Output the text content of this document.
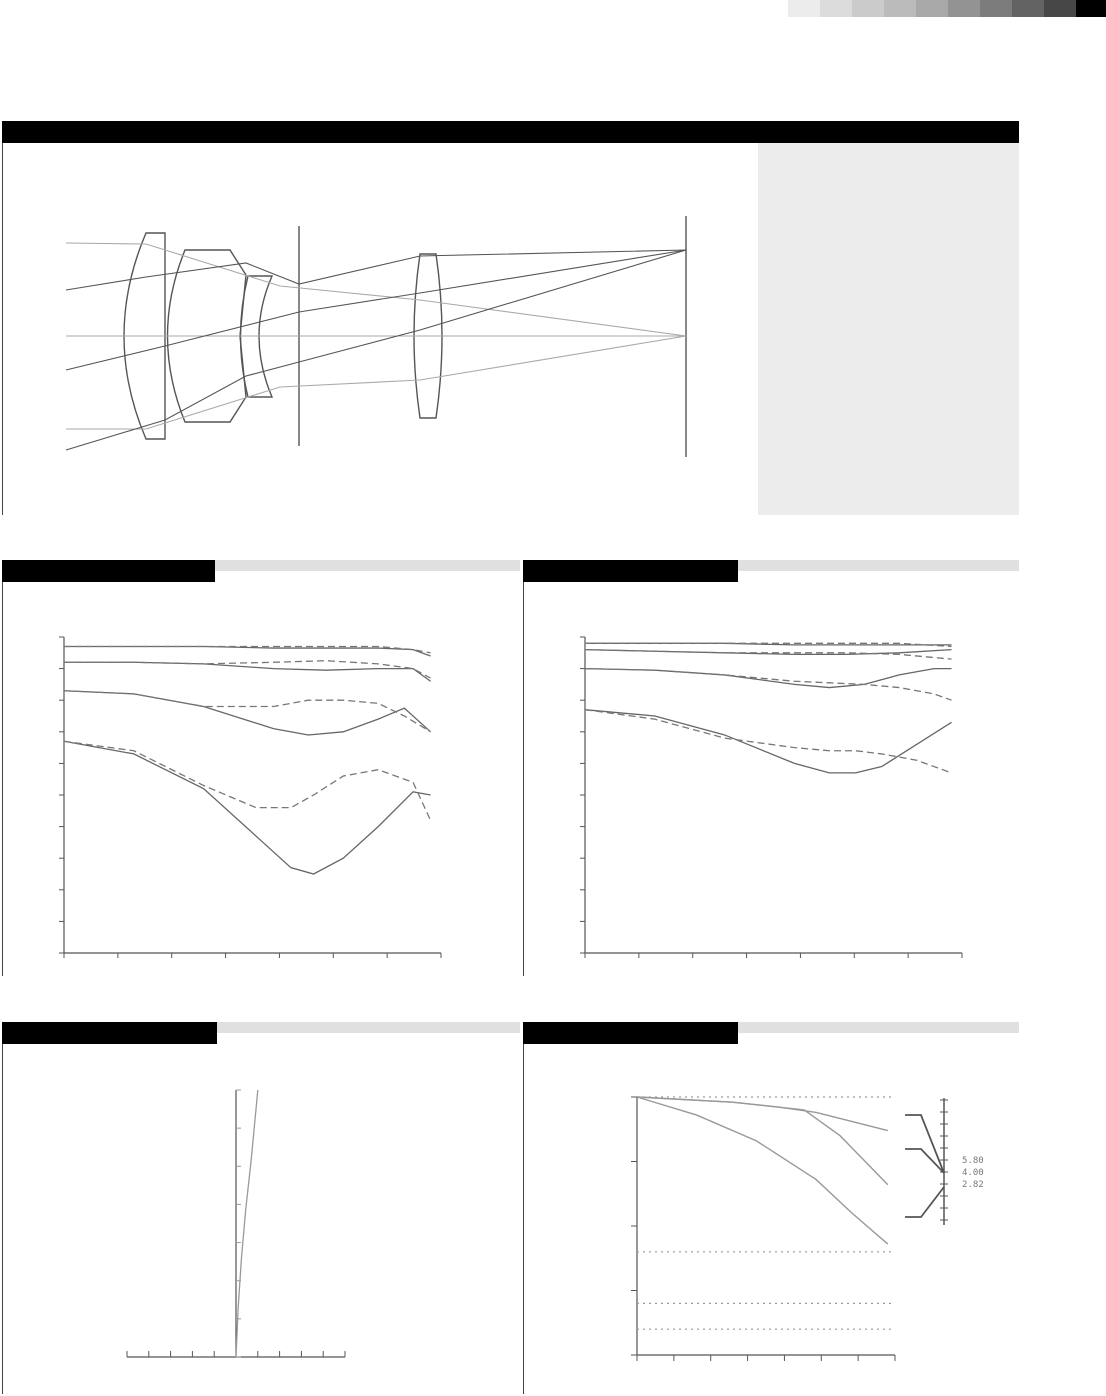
5.80
4.00
2.82
